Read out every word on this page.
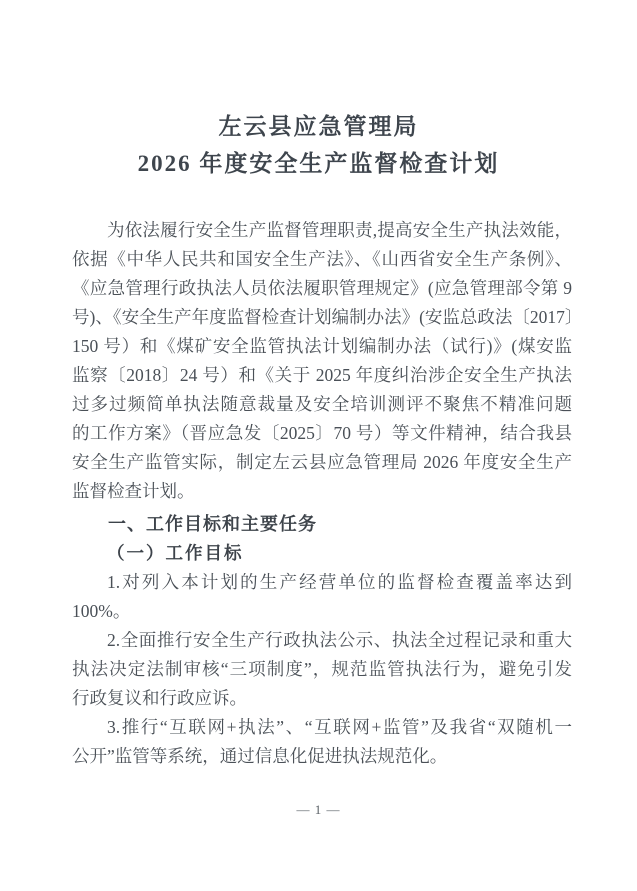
左云县应急管理局
2026 年度安全生产监督检查计划
为依法履行安全生产监督管理职责,提高安全生产执法效能，
依据《中华人民共和国安全生产法》、《山西省安全生产条例》、
《应急管理行政执法人员依法履职管理规定》(应急管理部令第 9
号)、《安全生产年度监督检查计划编制办法》(安监总政法〔2017〕
150 号）和《煤矿安全监管执法计划编制办法（试行)》(煤安监
监察〔2018〕24 号）和《关于 2025 年度纠治涉企安全生产执法
过多过频简单执法随意裁量及安全培训测评不聚焦不精准问题
的工作方案》（晋应急发〔2025〕70 号）等文件精神，结合我县
安全生产监管实际，制定左云县应急管理局 2026 年度安全生产
监督检查计划。
一、工作目标和主要任务
（一）工作目标
1.对列入本计划的生产经营单位的监督检查覆盖率达到
100%。
2.全面推行安全生产行政执法公示、执法全过程记录和重大
执法决定法制审核“三项制度”，规范监管执法行为，避免引发
行政复议和行政应诉。
3.推行“互联网+执法”、“互联网+监管”及我省“双随机一
公开”监管等系统，通过信息化促进执法规范化。
— 1 —
